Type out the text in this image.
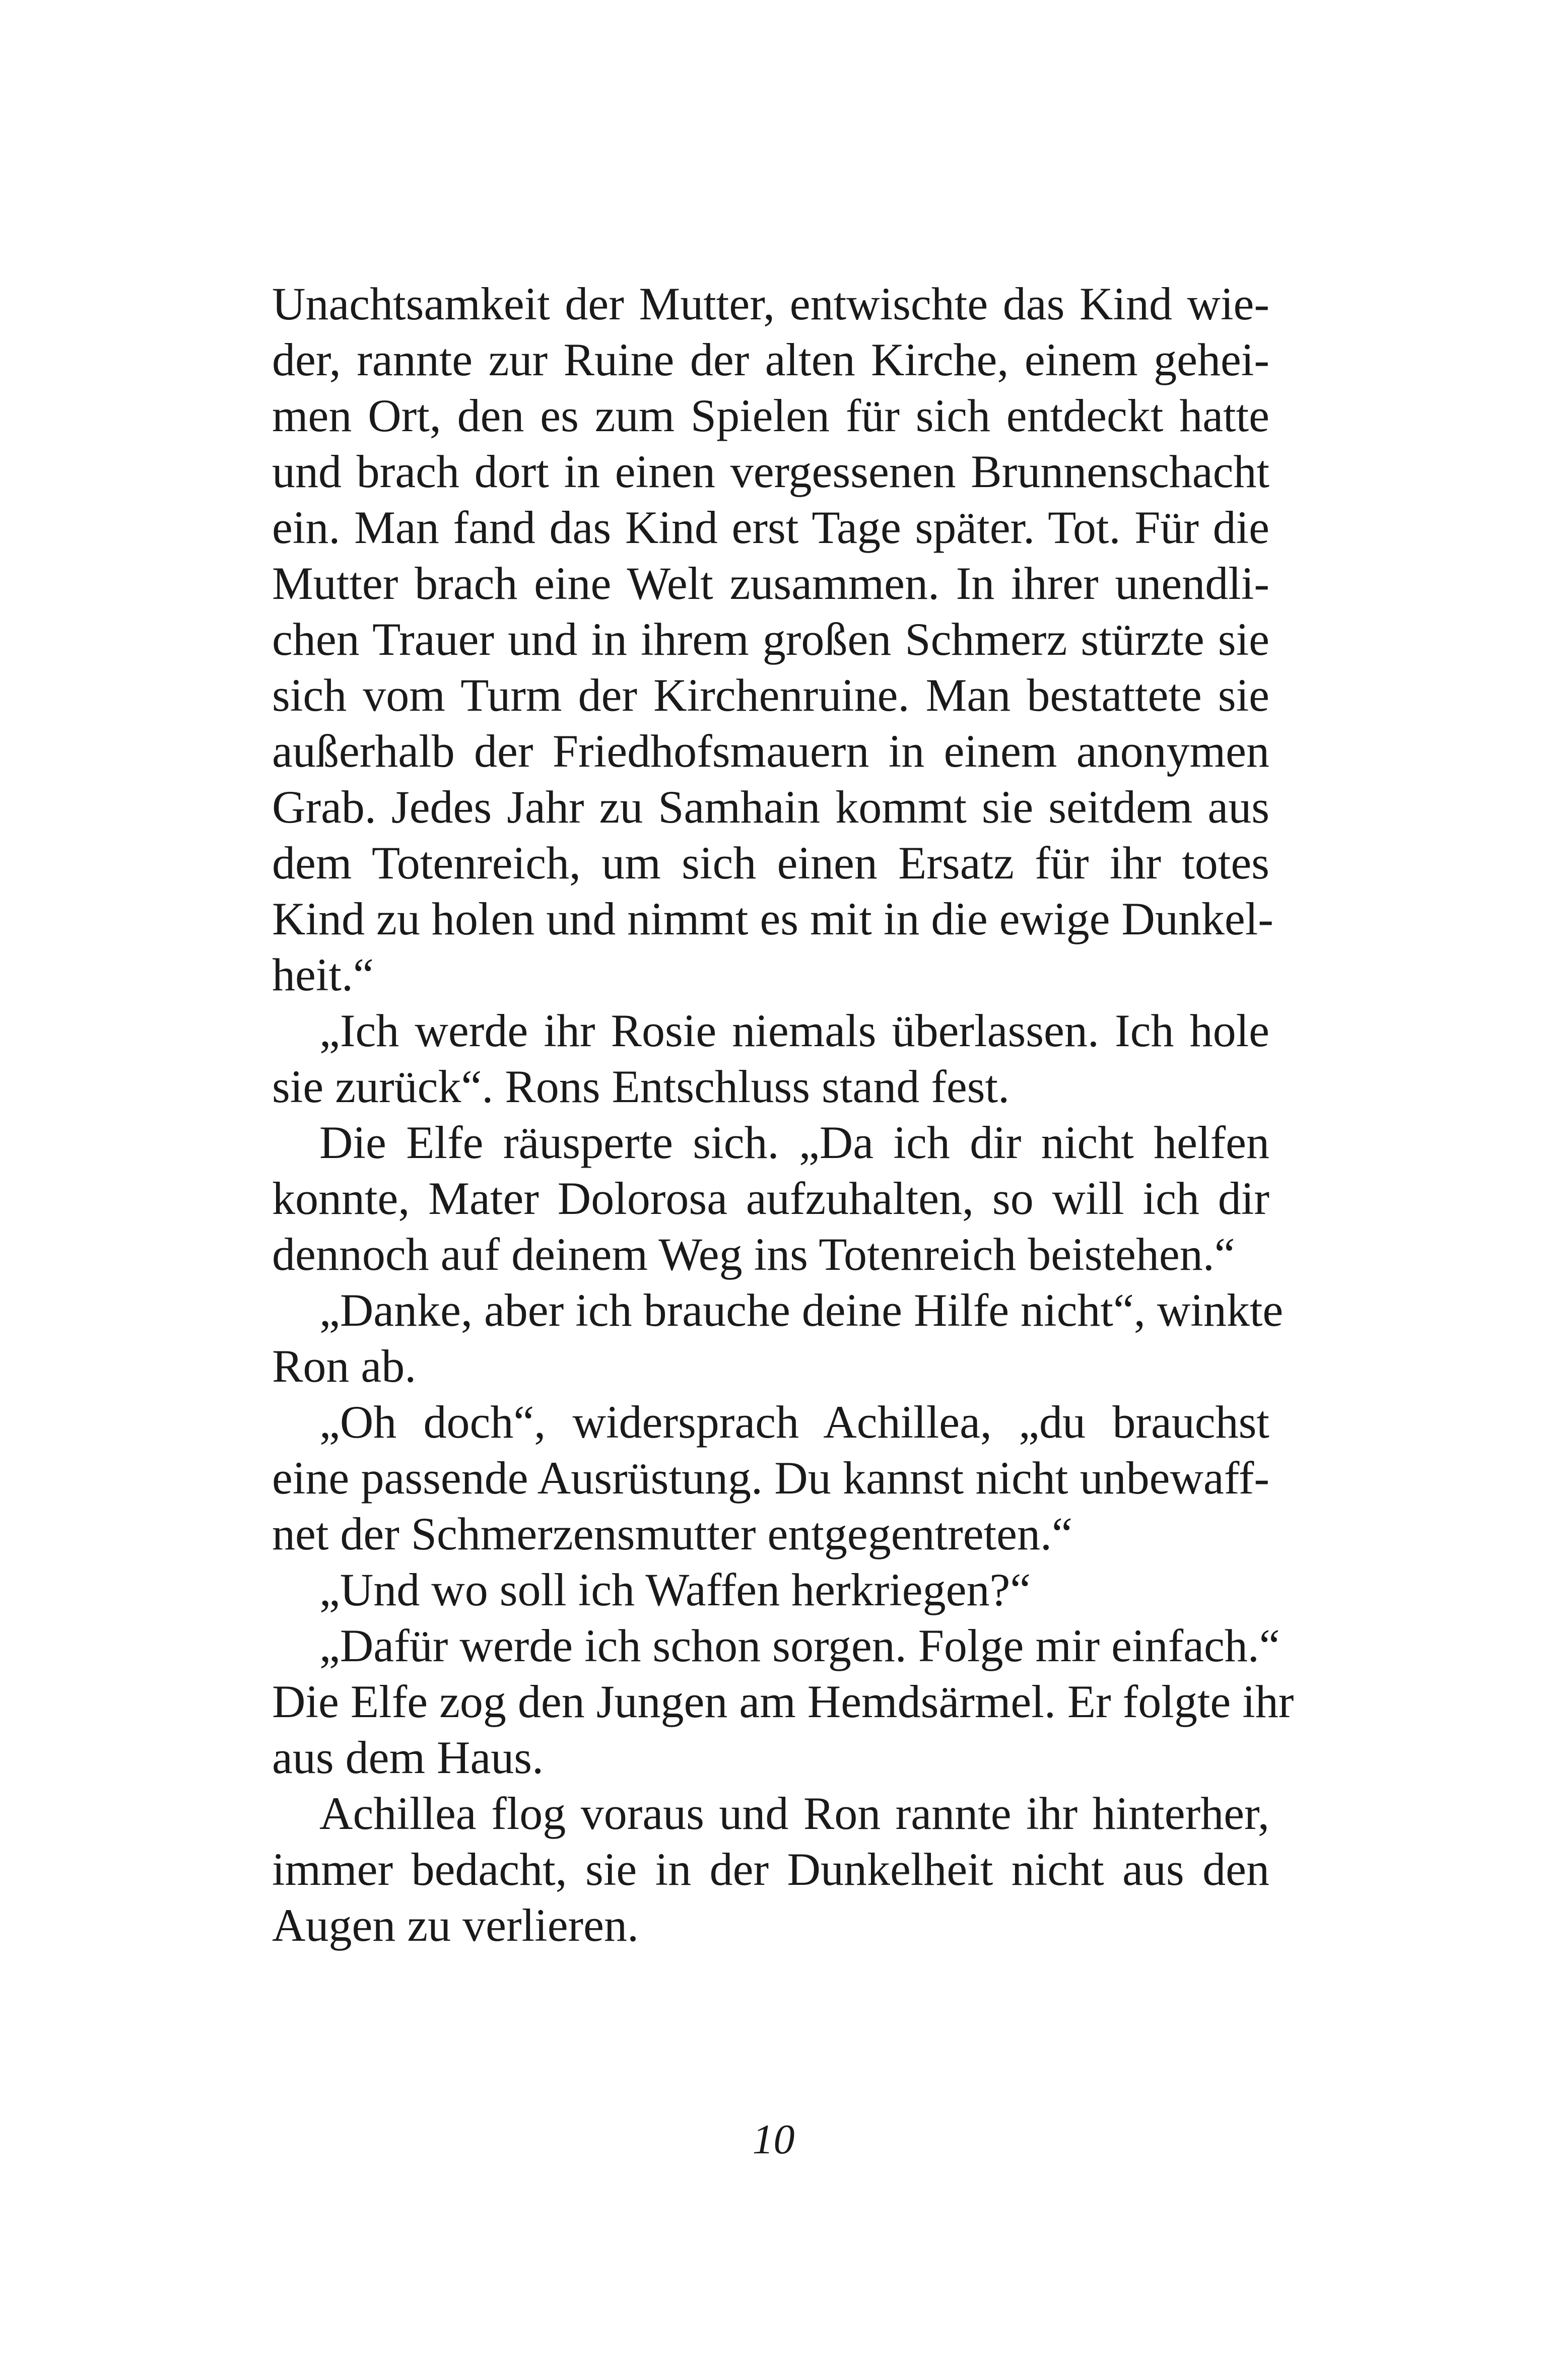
Unachtsamkeit der Mutter, entwischte das Kind wie-
der, rannte zur Ruine der alten Kirche, einem gehei-
men Ort, den es zum Spielen für sich entdeckt hatte
und brach dort in einen vergessenen Brunnenschacht
ein. Man fand das Kind erst Tage später. Tot. Für die
Mutter brach eine Welt zusammen. In ihrer unendli-
chen Trauer und in ihrem großen Schmerz stürzte sie
sich vom Turm der Kirchenruine. Man bestattete sie
außerhalb der Friedhofsmauern in einem anonymen
Grab. Jedes Jahr zu Samhain kommt sie seitdem aus
dem Totenreich, um sich einen Ersatz für ihr totes
Kind zu holen und nimmt es mit in die ewige Dunkel-
heit.“
„Ich werde ihr Rosie niemals überlassen. Ich hole
sie zurück“. Rons Entschluss stand fest.
Die Elfe räusperte sich. „Da ich dir nicht helfen
konnte, Mater Dolorosa aufzuhalten, so will ich dir
dennoch auf deinem Weg ins Totenreich beistehen.“
„Danke, aber ich brauche deine Hilfe nicht“, winkte
Ron ab.
„Oh doch“, widersprach Achillea, „du brauchst
eine passende Ausrüstung. Du kannst nicht unbewaff-
net der Schmerzensmutter entgegentreten.“
„Und wo soll ich Waffen herkriegen?“
„Dafür werde ich schon sorgen. Folge mir einfach.“
Die Elfe zog den Jungen am Hemdsärmel. Er folgte ihr
aus dem Haus.
Achillea flog voraus und Ron rannte ihr hinterher,
immer bedacht, sie in der Dunkelheit nicht aus den
Augen zu verlieren.
10
